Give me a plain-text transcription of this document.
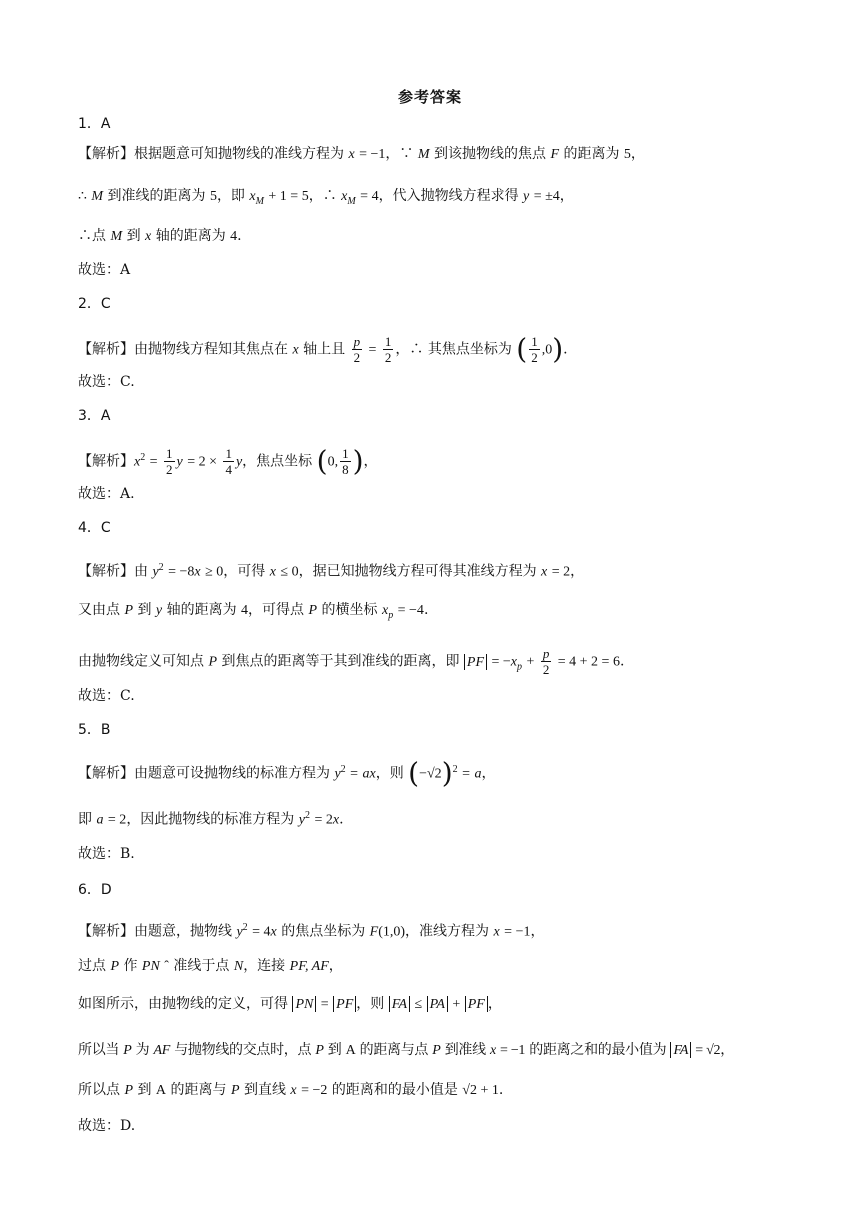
参考答案
1．A
【解析】根据题意可知抛物线的准线方程为 x = −1，∵ M 到该抛物线的焦点 F 的距离为 5，
∴ M 到准线的距离为 5，即 $x_M + 1 = 5$，∴ $x_M = 4$，代入抛物线方程求得 y = ±4，
∴点 M 到 x 轴的距离为 4.
故选：A
2．C
【解析】由抛物线方程知其焦点在 x 轴上且 $\frac{p}{2} = \frac{1}{2}$ ，∴ 其焦点坐标为 ( $\frac{1}{2} ,0$).
故选：C.
3．A
【解析】$x^2 = \frac{1}{2}$ $y = 2 \times \frac{1}{4}$ y，焦点坐标 (0, $\frac{1}{8}$ )，
故选：A.
4．C
【解析】由 $y^2 = -8x \ge 0$，可得 x ≤ 0，据已知抛物线方程可得其准线方程为 x = 2，
又由点 P 到 y 轴的距离为 4，可得点 P 的横坐标 $x_p = -4$.
由抛物线定义可知点 P 到焦点的距离等于其到准线的距离，即 PF = $-x_p + \frac{p}{2} = 4 + 2 = 6$.
故选：C.
5．B
【解析】由题意可设抛物线的标准方程为 $y^2$ = ax，则 $(-√2)^2 = a$，
即 a = 2，因此抛物线的标准方程为 $y^2 = 2x$.
故选：B.
6．D
【解析】由题意，抛物线 $y^2 = 4x$ 的焦点坐标为 F(1,0)，准线方程为 x = −1，
过点 P 作 PN ˆ 准线于点 N，连接 PF, AF，
如图所示，由抛物线的定义，可得 PN = PF ，则 FA ≤ PA + PF ，
所以当 P 为 AF 与抛物线的交点时，点 P 到 A 的距离与点 P 到准线 x = −1 的距离之和的最小值为 FA = √2，
所以点 P 到 A 的距离与 P 到直线 x = −2 的距离和的最小值是 √2 + 1.
故选：D.
